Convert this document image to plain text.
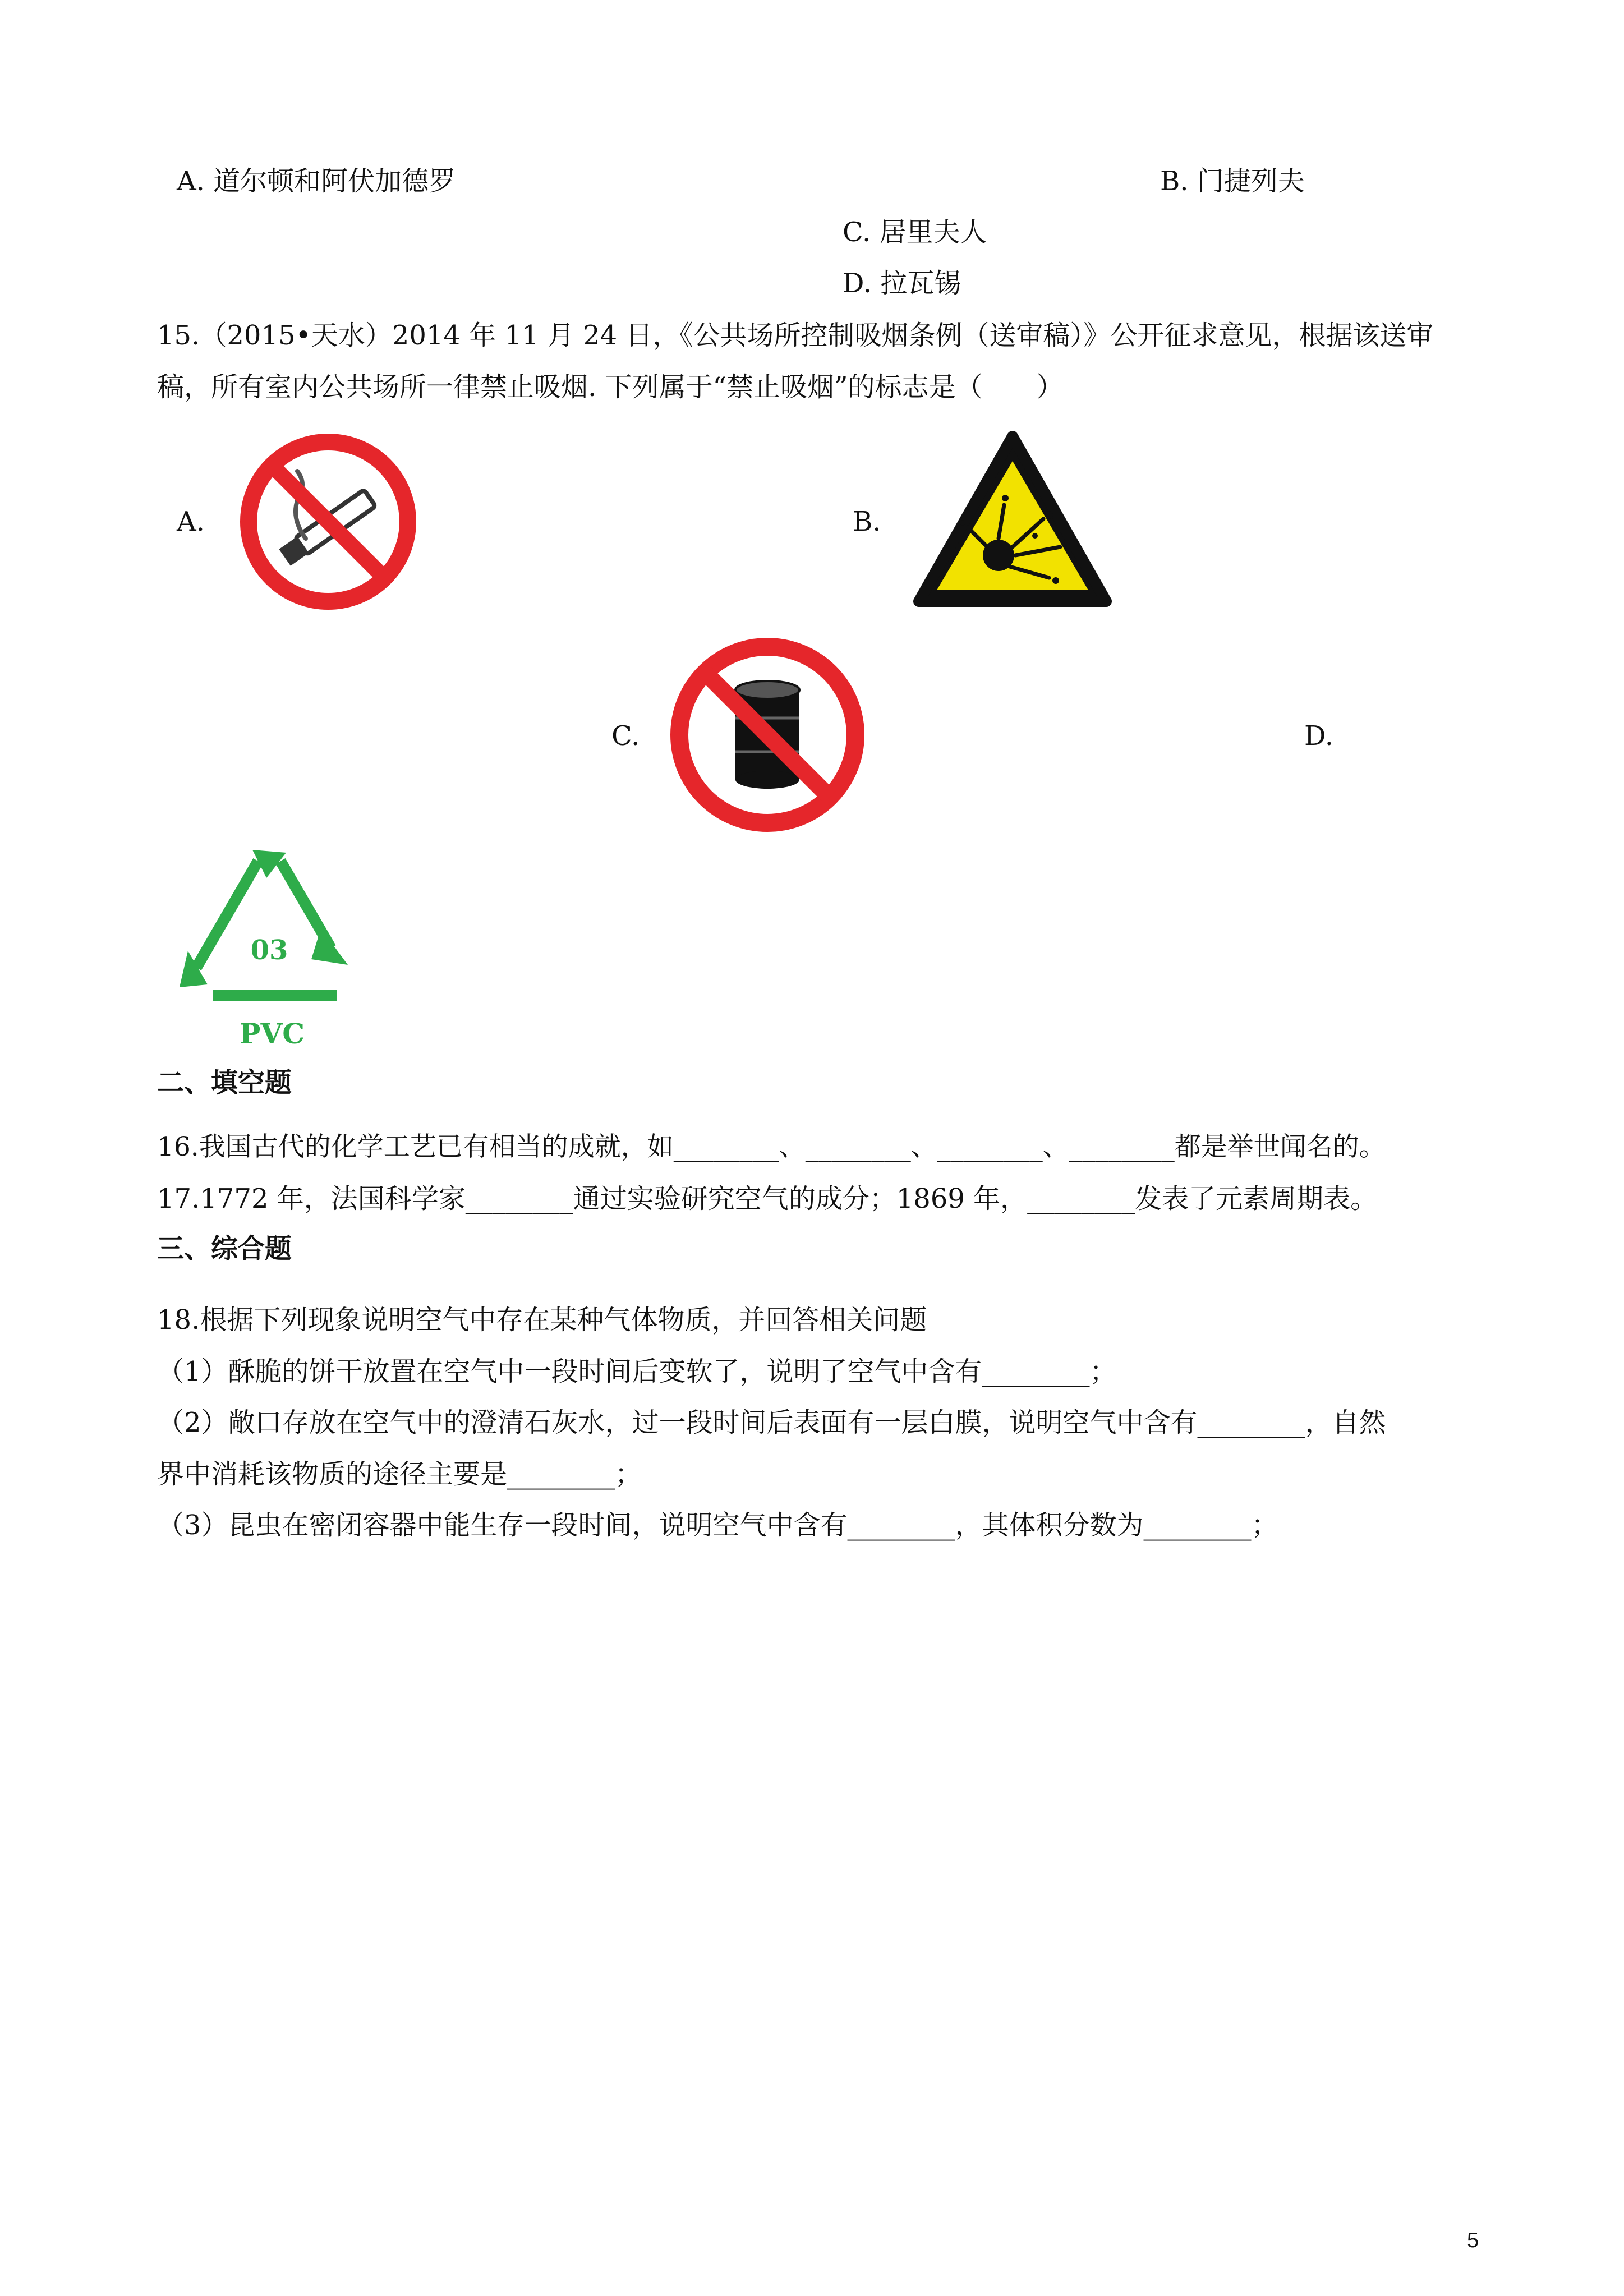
A. 道尔顿和阿伏加德罗	B. 门捷列夫
C. 居里夫人
D. 拉瓦锡
15.（2015•天水）2014 年 11 月 24 日，《公共场所控制吸烟条例（送审稿）》公开征求意见，根据该送审
稿，所有室内公共场所一律禁止吸烟. 下列属于“禁止吸烟”的标志是（　　）
A.	B.
C.	D.
03
PVC
二、填空题
16.我国古代的化学工艺已有相当的成就，如________、________、________、________都是举世闻名的。
17.1772 年，法国科学家________通过实验研究空气的成分；1869 年，________发表了元素周期表。
三、综合题
18.根据下列现象说明空气中存在某种气体物质，并回答相关问题
（1）酥脆的饼干放置在空气中一段时间后变软了，说明了空气中含有________；
（2）敞口存放在空气中的澄清石灰水，过一段时间后表面有一层白膜，说明空气中含有________，自然
界中消耗该物质的途径主要是________；
（3）昆虫在密闭容器中能生存一段时间，说明空气中含有________，其体积分数为________；
5
